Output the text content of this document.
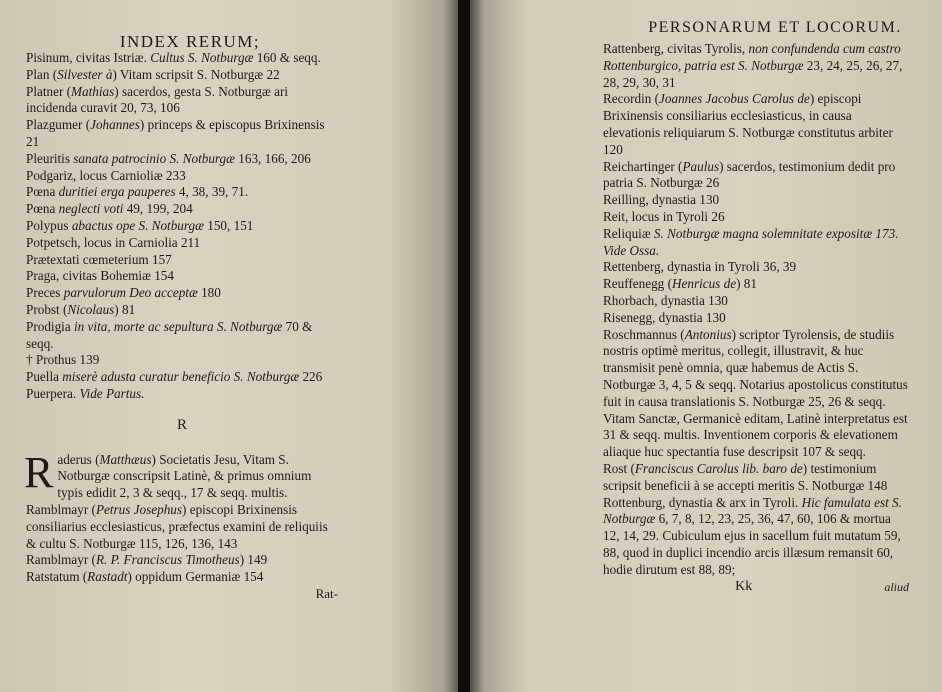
INDEX RERUM;
Pisinum, civitas Istriæ. Cultus S. Notburgæ 160 & seqq.
Plan (Silvester à) Vitam scripsit S. Notburgæ 22
Platner (Mathias) sacerdos, gesta S. Notburgæ ari incidenda curavit 20, 73, 106
Plazgumer (Johannes) princeps & episcopus Brixinensis 21
Pleuritis sanata patrocinio S. Notburgæ 163, 166, 206
Podgariz, locus Carnioliæ 233
Pœna duritiei erga pauperes 4, 38, 39, 71.
Pœna neglecti voti 49, 199, 204
Polypus abactus ope S. Notburgæ 150, 151
Potpetsch, locus in Carniolia 211
Prætextati cœmeterium 157
Praga, civitas Bohemiæ 154
Preces parvulorum Deo acceptæ 180
Probst (Nicolaus) 81
Prodigia in vita, morte ac sepultura S. Notburgæ 70 & seqq.
† Prothus 139
Puella miserè adusta curatur beneficio S. Notburgæ 226
Puerpera. Vide Partus.
R
Raderus (Matthæus) Societatis Jesu, Vitam S. Notburgæ conscripsit Latinè, & primus omnium typis edidit 2, 3 & seqq., 17 & seqq. multis.
Ramblmayr (Petrus Josephus) episcopi Brixinensis consiliarius ecclesiasticus, præfectus examini de reliquiis & cultu S. Notburgæ 115, 126, 136, 143
Ramblmayr (R. P. Franciscus Timotheus) 149
Ratstatum (Rastadt) oppidum Germaniæ 154
Rat-
PERSONARUM ET LOCORUM.
Rattenberg, civitas Tyrolis, non confundenda cum castro Rottenburgico, patria est S. Notburgæ 23, 24, 25, 26, 27, 28, 29, 30, 31
Recordin (Joannes Jacobus Carolus de) episcopi Brixinensis consiliarius ecclesiasticus, in causa elevationis reliquiarum S. Notburgæ constitutus arbiter 120
Reichartinger (Paulus) sacerdos, testimonium dedit pro patria S. Notburgæ 26
Reilling, dynastia 130
Reit, locus in Tyroli 26
Reliquiæ S. Notburgæ magna solemnitate expositæ 173. Vide Ossa.
Rettenberg, dynastia in Tyroli 36, 39
Reuffenegg (Henricus de) 81
Rhorbach, dynastia 130
Risenegg, dynastia 130
Roschmannus (Antonius) scriptor Tyrolensis, de studiis nostris optimè meritus, collegit, illustravit, & huc transmisit penè omnia, quæ habemus de Actis S. Notburgæ 3, 4, 5 & seqq. Notarius apostolicus constitutus fuit in causa translationis S. Notburgæ 25, 26 & seqq. Vitam Sanctæ, Germanicè editam, Latinè interpretatus est 31 & seqq. multis. Inventionem corporis & elevationem aliaque huc spectantia fuse descripsit 107 & seqq.
Rost (Franciscus Carolus lib. baro de) testimonium scripsit beneficii à se accepti meritis S. Notburgæ 148
Rottenburg, dynastia & arx in Tyroli. Hic famulata est S. Notburgæ 6, 7, 8, 12, 23, 25, 36, 47, 60, 106 & mortua 12, 14, 29. Cubiculum ejus in sacellum fuit mutatum 59, 88, quod in duplici incendio arcis illæsum remansit 60, hodie dirutum est 88, 89;
Kk	aliud
